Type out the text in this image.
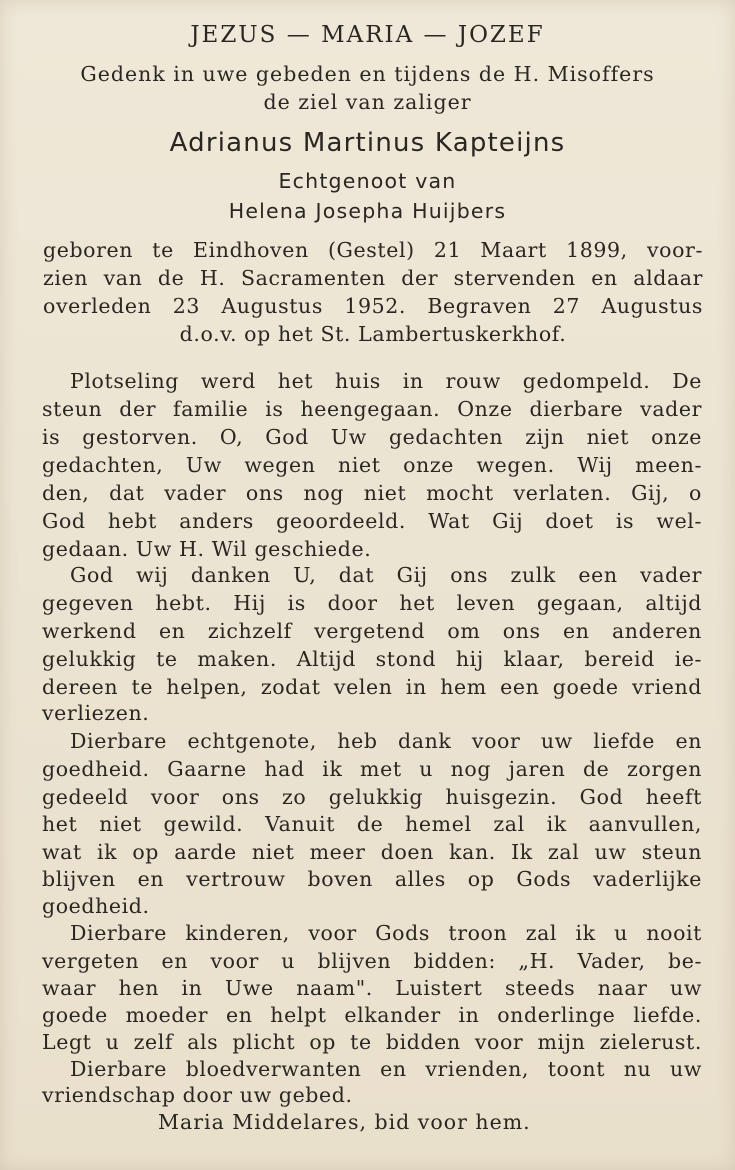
JEZUS — MARIA — JOZEF
Gedenk in uwe gebeden en tijdens de H. Misoffers
de ziel van zaliger
Adrianus Martinus Kapteijns
Echtgenoot van
Helena Josepha Huijbers
geboren te Eindhoven (Gestel) 21 Maart 1899, voor-
zien van de H. Sacramenten der stervenden en aldaar
overleden 23 Augustus 1952. Begraven 27 Augustus
d.o.v. op het St. Lambertuskerkhof.
Plotseling werd het huis in rouw gedompeld. De
steun der familie is heengegaan. Onze dierbare vader
is gestorven. O, God Uw gedachten zijn niet onze
gedachten, Uw wegen niet onze wegen. Wij meen-
den, dat vader ons nog niet mocht verlaten. Gij, o
God hebt anders geoordeeld. Wat Gij doet is wel-
gedaan. Uw H. Wil geschiede.
God wij danken U, dat Gij ons zulk een vader
gegeven hebt. Hij is door het leven gegaan, altijd
werkend en zichzelf vergetend om ons en anderen
gelukkig te maken. Altijd stond hij klaar, bereid ie-
dereen te helpen, zodat velen in hem een goede vriend
verliezen.
Dierbare echtgenote, heb dank voor uw liefde en
goedheid. Gaarne had ik met u nog jaren de zorgen
gedeeld voor ons zo gelukkig huisgezin. God heeft
het niet gewild. Vanuit de hemel zal ik aanvullen,
wat ik op aarde niet meer doen kan. Ik zal uw steun
blijven en vertrouw boven alles op Gods vaderlijke
goedheid.
Dierbare kinderen, voor Gods troon zal ik u nooit
vergeten en voor u blijven bidden: „H. Vader, be-
waar hen in Uwe naam". Luistert steeds naar uw
goede moeder en helpt elkander in onderlinge liefde.
Legt u zelf als plicht op te bidden voor mijn zielerust.
Dierbare bloedverwanten en vrienden, toont nu uw
vriendschap door uw gebed.
Maria Middelares, bid voor hem.
